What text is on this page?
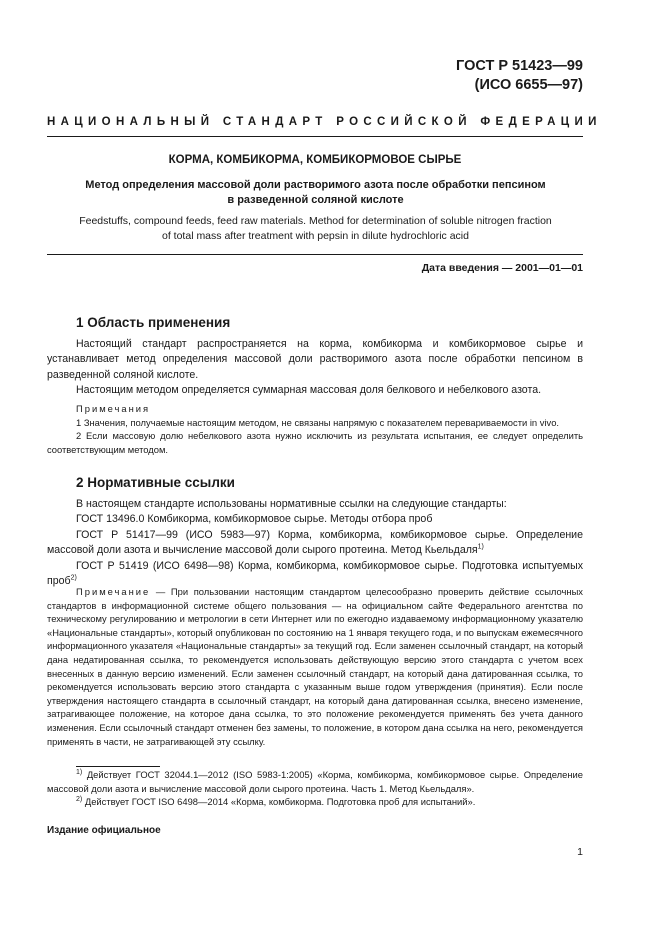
ГОСТ Р 51423—99
(ИСО 6655—97)
НАЦИОНАЛЬНЫЙ СТАНДАРТ РОССИЙСКОЙ ФЕДЕРАЦИИ
КОРМА, КОМБИКОРМА, КОМБИКОРМОВОЕ СЫРЬЕ
Метод определения массовой доли растворимого азота после обработки пепсином
в разведенной соляной кислоте
Feedstuffs, compound feeds, feed raw materials. Method for determination of soluble nitrogen fraction
of total mass after treatment with pepsin in dilute hydrochloric acid
Дата введения — 2001—01—01
1 Область применения

Настоящий стандарт распространяется на корма, комбикорма и комбикормовое сырье и устанавливает метод определения массовой доли растворимого азота после обработки пепсином в разведенной соляной кислоте.

Настоящим методом определяется суммарная массовая доля белкового и небелкового азота.

Примечания

1 Значения, получаемые настоящим методом, не связаны напрямую с показателем перевариваемости in vivo.

2 Если массовую долю небелкового азота нужно исключить из результата испытания, ее следует определить соответствующим методом.

2 Нормативные ссылки

В настоящем стандарте использованы нормативные ссылки на следующие стандарты:

ГОСТ 13496.0 Комбикорма, комбикормовое сырье. Методы отбора проб

ГОСТ Р 51417—99 (ИСО 5983—97) Корма, комбикорма, комбикормовое сырье. Определение массовой доли азота и вычисление массовой доли сырого протеина. Метод Кьельдаля$^{1)}$

ГОСТ Р 51419 (ИСО 6498—98) Корма, комбикорма, комбикормовое сырье. Подготовка испытуемых проб$^{2)}$

Примечание — При пользовании настоящим стандартом целесообразно проверить действие ссылочных стандартов в информационной системе общего пользования — на официальном сайте Федерального агентства по техническому регулированию и метрологии в сети Интернет или по ежегодно издаваемому информационному указателю «Национальные стандарты», который опубликован по состоянию на 1 января текущего года, и по выпускам ежемесячного информационного указателя «Национальные стандарты» за текущий год. Если заменен ссылочный стандарт, на который дана недатированная ссылка, то рекомендуется использовать действующую версию этого стандарта с учетом всех внесенных в данную версию изменений. Если заменен ссылочный стандарт, на который дана датированная ссылка, то рекомендуется использовать версию этого стандарта с указанным выше годом утверждения (принятия). Если после утверждения настоящего стандарта в ссылочный стандарт, на который дана датированная ссылка, внесено изменение, затрагивающее положение, на которое дана ссылка, то это положение рекомендуется применять без учета данного изменения. Если ссылочный стандарт отменен без замены, то положение, в котором дана ссылка на него, рекомендуется применять в части, не затрагивающей эту ссылку.

$^{1)}$ Действует ГОСТ 32044.1—2012 (ISO 5983-1:2005) «Корма, комбикорма, комбикормовое сырье. Определение массовой доли азота и вычисление массовой доли сырого протеина. Часть 1. Метод Кьельдаля».

$^{2)}$ Действует ГОСТ ISO 6498—2014 «Корма, комбикорма. Подготовка проб для испытаний».

Издание официальное
1
